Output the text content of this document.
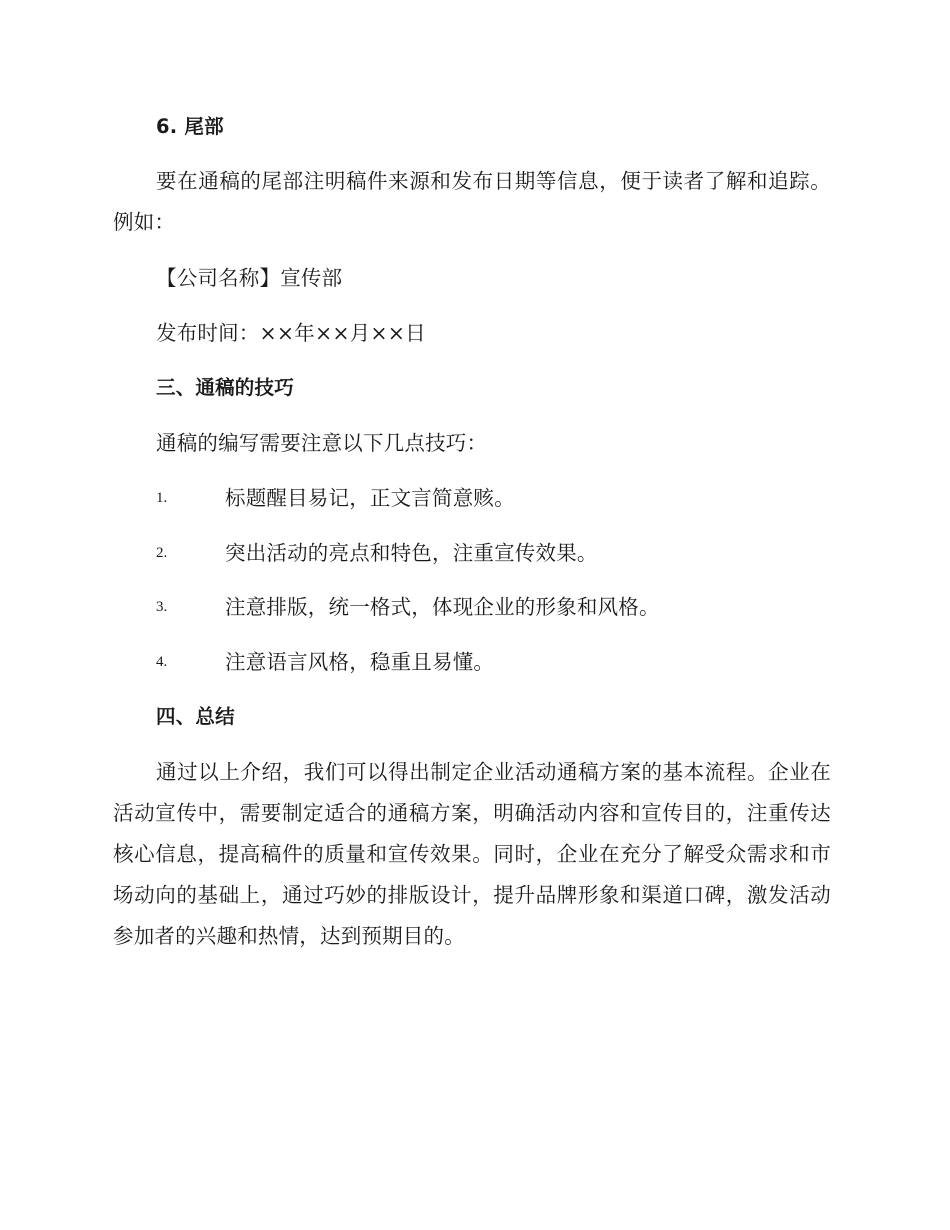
6. 尾部
要在通稿的尾部注明稿件来源和发布日期等信息，便于读者了解和追踪。例如：
【公司名称】宣传部
发布时间：××年××月××日
三、通稿的技巧
通稿的编写需要注意以下几点技巧：
1.	标题醒目易记，正文言简意赅。
2.	突出活动的亮点和特色，注重宣传效果。
3.	注意排版，统一格式，体现企业的形象和风格。
4.	注意语言风格，稳重且易懂。
四、总结
通过以上介绍，我们可以得出制定企业活动通稿方案的基本流程。企业在活动宣传中，需要制定适合的通稿方案，明确活动内容和宣传目的，注重传达核心信息，提高稿件的质量和宣传效果。同时，企业在充分了解受众需求和市场动向的基础上，通过巧妙的排版设计，提升品牌形象和渠道口碑，激发活动参加者的兴趣和热情，达到预期目的。
